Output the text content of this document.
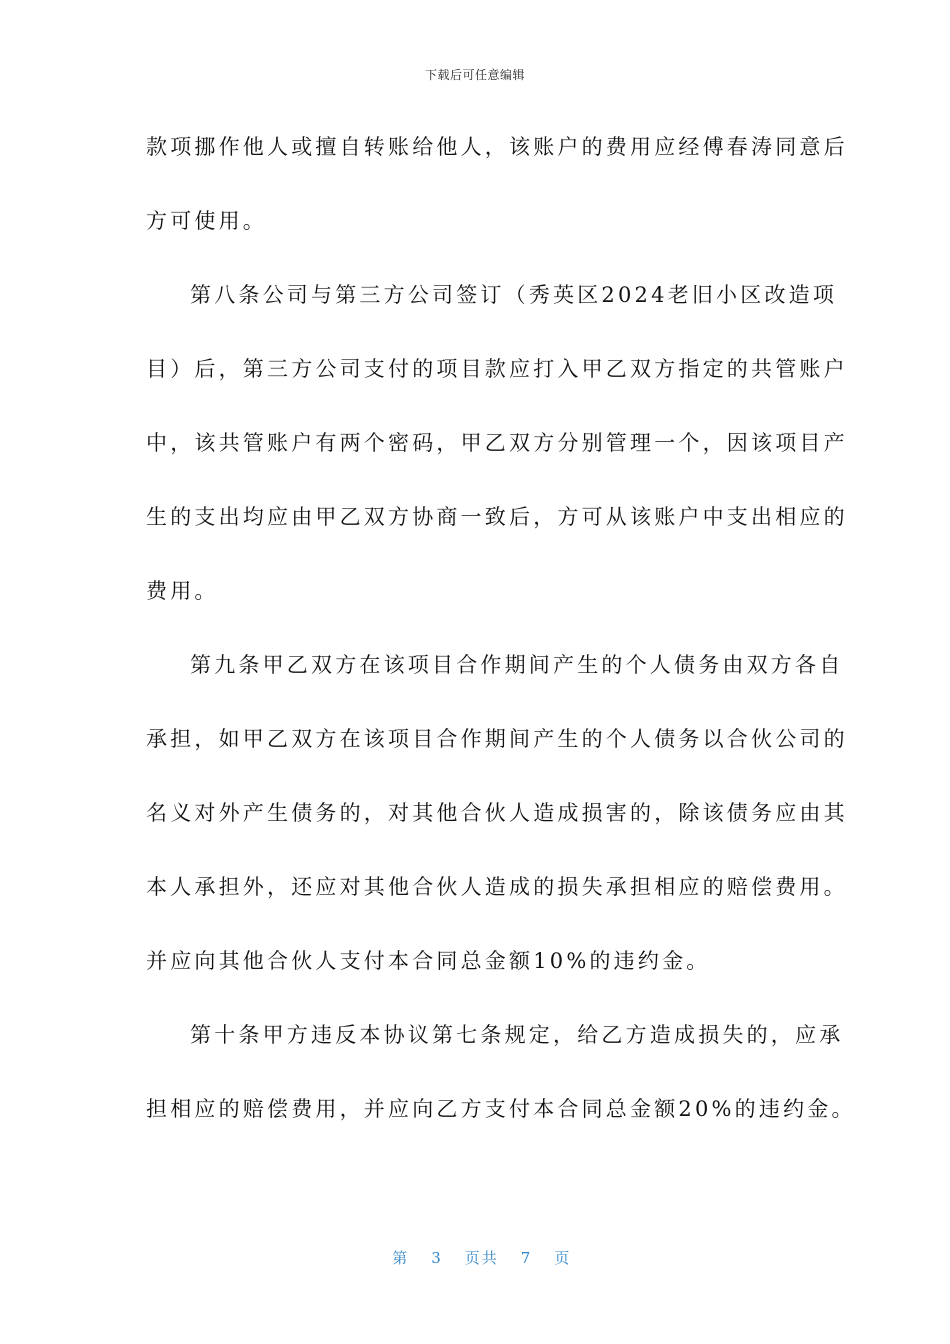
下载后可任意编辑
款项挪作他人或擅自转账给他人，该账户的费用应经傅春涛同意后
方可使用。
第八条公司与第三方公司签订（秀英区2024老旧小区改造项
目）后，第三方公司支付的项目款应打入甲乙双方指定的共管账户
中，该共管账户有两个密码，甲乙双方分别管理一个，因该项目产
生的支出均应由甲乙双方协商一致后，方可从该账户中支出相应的
费用。
第九条甲乙双方在该项目合作期间产生的个人债务由双方各自
承担，如甲乙双方在该项目合作期间产生的个人债务以合伙公司的
名义对外产生债务的，对其他合伙人造成损害的，除该债务应由其
本人承担外，还应对其他合伙人造成的损失承担相应的赔偿费用。
并应向其他合伙人支付本合同总金额10%的违约金。
第十条甲方违反本协议第七条规定，给乙方造成损失的，应承
担相应的赔偿费用，并应向乙方支付本合同总金额20%的违约金。

第 3 页共 7 页
